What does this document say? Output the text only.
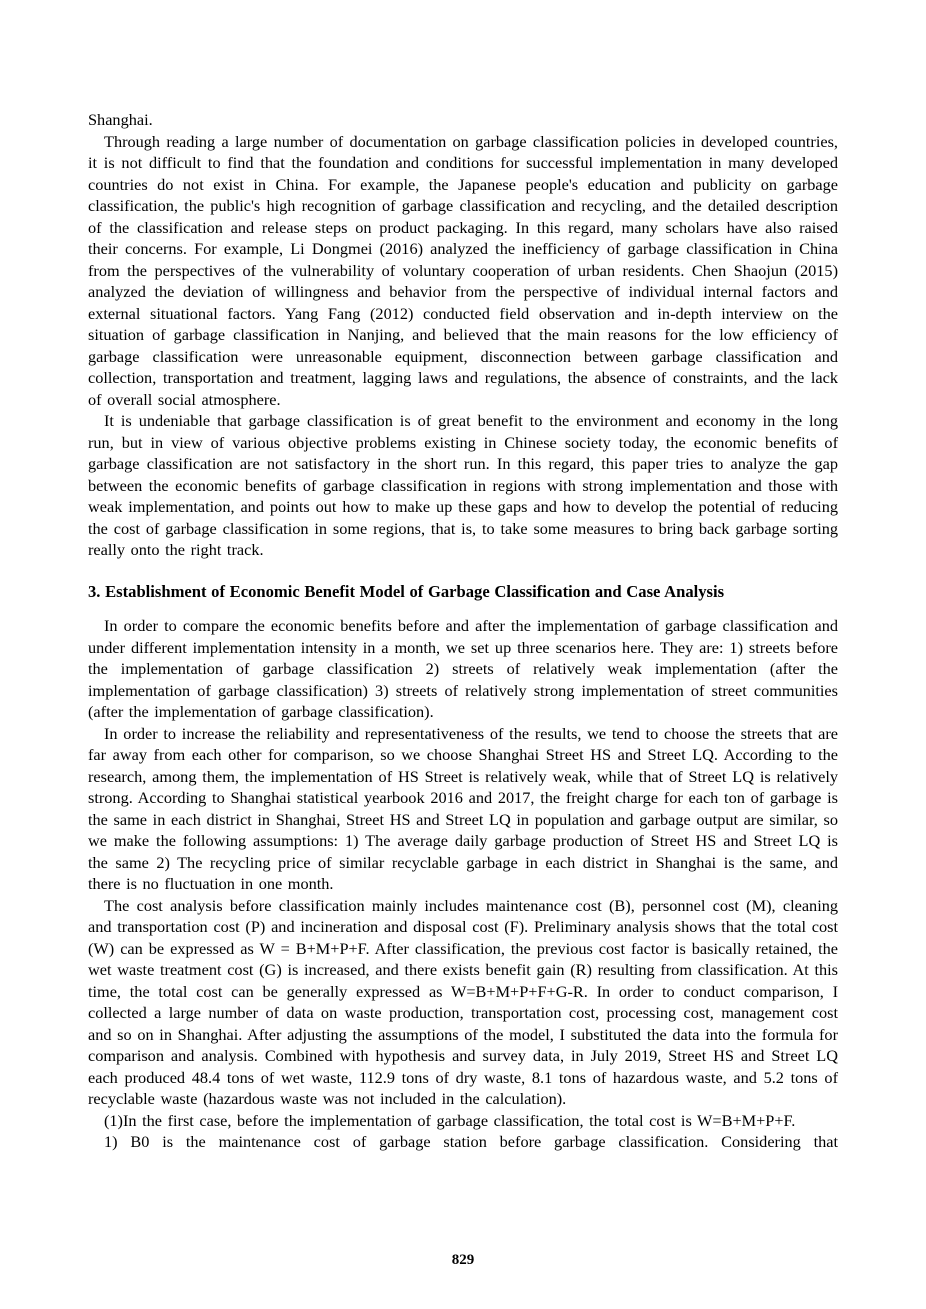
Shanghai.

Through reading a large number of documentation on garbage classification policies in developed countries, it is not difficult to find that the foundation and conditions for successful implementation in many developed countries do not exist in China. For example, the Japanese people's education and publicity on garbage classification, the public's high recognition of garbage classification and recycling, and the detailed description of the classification and release steps on product packaging. In this regard, many scholars have also raised their concerns. For example, Li Dongmei (2016) analyzed the inefficiency of garbage classification in China from the perspectives of the vulnerability of voluntary cooperation of urban residents. Chen Shaojun (2015) analyzed the deviation of willingness and behavior from the perspective of individual internal factors and external situational factors. Yang Fang (2012) conducted field observation and in-depth interview on the situation of garbage classification in Nanjing, and believed that the main reasons for the low efficiency of garbage classification were unreasonable equipment, disconnection between garbage classification and collection, transportation and treatment, lagging laws and regulations, the absence of constraints, and the lack of overall social atmosphere.

It is undeniable that garbage classification is of great benefit to the environment and economy in the long run, but in view of various objective problems existing in Chinese society today, the economic benefits of garbage classification are not satisfactory in the short run. In this regard, this paper tries to analyze the gap between the economic benefits of garbage classification in regions with strong implementation and those with weak implementation, and points out how to make up these gaps and how to develop the potential of reducing the cost of garbage classification in some regions, that is, to take some measures to bring back garbage sorting really onto the right track.

3. Establishment of Economic Benefit Model of Garbage Classification and Case Analysis

In order to compare the economic benefits before and after the implementation of garbage classification and under different implementation intensity in a month, we set up three scenarios here. They are: 1) streets before the implementation of garbage classification 2) streets of relatively weak implementation (after the implementation of garbage classification) 3) streets of relatively strong implementation of street communities (after the implementation of garbage classification).

In order to increase the reliability and representativeness of the results, we tend to choose the streets that are far away from each other for comparison, so we choose Shanghai Street HS and Street LQ. According to the research, among them, the implementation of HS Street is relatively weak, while that of Street LQ is relatively strong. According to Shanghai statistical yearbook 2016 and 2017, the freight charge for each ton of garbage is the same in each district in Shanghai, Street HS and Street LQ in population and garbage output are similar, so we make the following assumptions: 1) The average daily garbage production of Street HS and Street LQ is the same 2) The recycling price of similar recyclable garbage in each district in Shanghai is the same, and there is no fluctuation in one month.

The cost analysis before classification mainly includes maintenance cost (B), personnel cost (M), cleaning and transportation cost (P) and incineration and disposal cost (F). Preliminary analysis shows that the total cost (W) can be expressed as W = B+M+P+F. After classification, the previous cost factor is basically retained, the wet waste treatment cost (G) is increased, and there exists benefit gain (R) resulting from classification. At this time, the total cost can be generally expressed as W=B+M+P+F+G-R. In order to conduct comparison, I collected a large number of data on waste production, transportation cost, processing cost, management cost and so on in Shanghai. After adjusting the assumptions of the model, I substituted the data into the formula for comparison and analysis. Combined with hypothesis and survey data, in July 2019, Street HS and Street LQ each produced 48.4 tons of wet waste, 112.9 tons of dry waste, 8.1 tons of hazardous waste, and 5.2 tons of recyclable waste (hazardous waste was not included in the calculation).

(1)In the first case, before the implementation of garbage classification, the total cost is W=B+M+P+F.

1) B0 is the maintenance cost of garbage station before garbage classification. Considering that

829
